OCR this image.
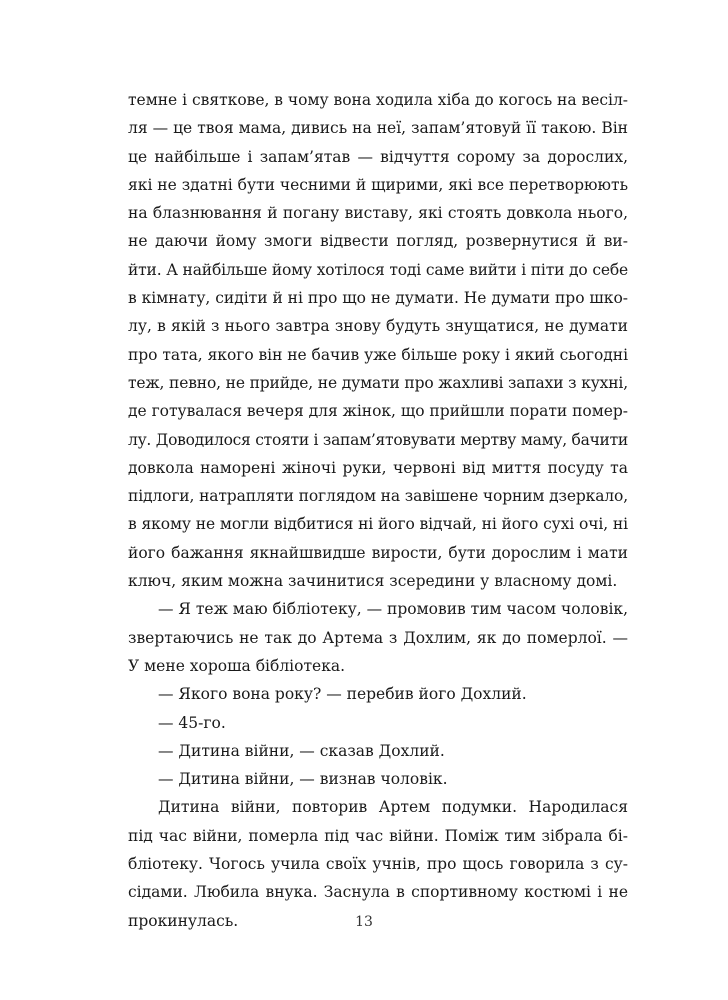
темне і святкове, в чому вона ходила хіба до когось на весіл-
ля — це твоя мама, дивись на неї, запам’ятовуй її такою. Він
це найбільше і запам’ятав — відчуття сорому за дорослих,
які не здатні бути чесними й щирими, які все перетворюють
на блазнювання й погану виставу, які стоять довкола нього,
не даючи йому змоги відвести погляд, розвернутися й ви-
йти. А найбільше йому хотілося тоді саме вийти і піти до себе
в кімнату, сидіти й ні про що не думати. Не думати про шко-
лу, в якій з нього завтра знову будуть знущатися, не думати
про тата, якого він не бачив уже більше року і який сьогодні
теж, певно, не прийде, не думати про жахливі запахи з кухні,
де готувалася вечеря для жінок, що прийшли порати помер-
лу. Доводилося стояти і запам’ятовувати мертву маму, бачити
довкола наморені жіночі руки, червоні від миття посуду та
підлоги, натрапляти поглядом на завішене чорним дзеркало,
в якому не могли відбитися ні його відчай, ні його сухі очі, ні
його бажання якнайшвидше вирости, бути дорослим і мати
ключ, яким можна зачинитися зсередини у власному домі.
— Я теж маю бібліотеку, — промовив тим часом чоловік,
звертаючись не так до Артема з Дохлим, як до померлої. —
У мене хороша бібліотека.
— Якого вона року? — перебив його Дохлий.
— 45-го.
— Дитина війни, — сказав Дохлий.
— Дитина війни, — визнав чоловік.
Дитина війни, повторив Артем подумки. Народилася
під час війни, померла під час війни. Поміж тим зібрала бі-
бліотеку. Чогось учила своїх учнів, про щось говорила з су-
сідами. Любила внука. Заснула в спортивному костюмі і не
прокинулась.	13
